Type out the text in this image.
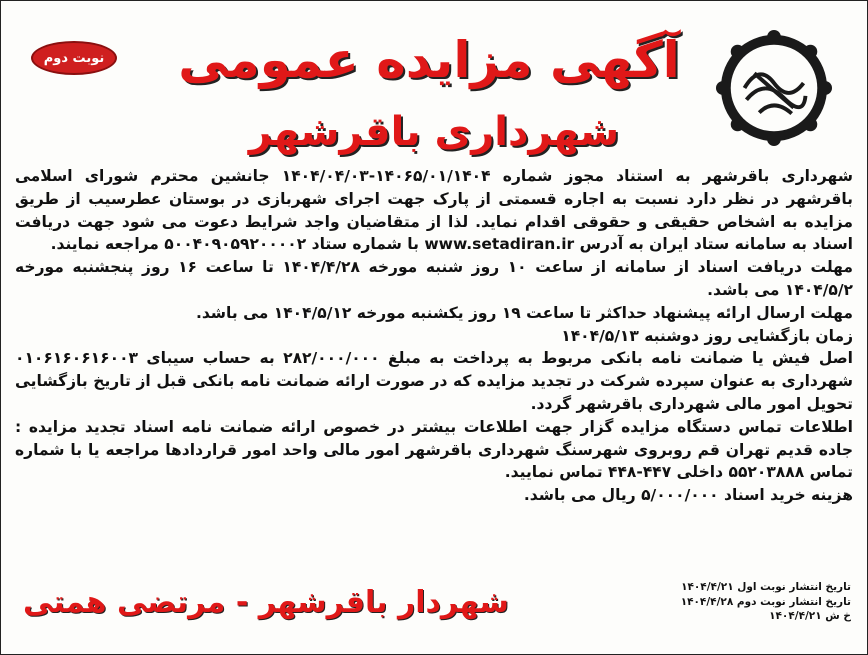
نوبت دوم	آگهی مزایده عمومی
شهرداری باقرشهر

شهرداری باقرشهر به استناد مجوز شماره ۱۴۰۶۵/۰۱/۱۴۰۴-۱۴۰۴/۰۴/۰۳ جانشین محترم شورای اسلامی باقرشهر در نظر دارد نسبت به اجاره قسمتی از پارک جهت اجرای شهربازی در بوستان عطرسیب از طریق مزایده به اشخاص حقیقی و حقوقی اقدام نماید. لذا از متقاضیان واجد شرایط دعوت می شود جهت دریافت اسناد به سامانه ستاد ایران به آدرس www.setadiran.ir با شماره ستاد ۵۰۰۴۰۹۰۵۹۲۰۰۰۰۲ مراجعه نمایند.

مهلت دریافت اسناد از سامانه از ساعت ۱۰ روز شنبه مورخه ۱۴۰۴/۴/۲۸ تا ساعت ۱۶ روز پنجشنبه مورخه ۱۴۰۴/۵/۲ می باشد.

مهلت ارسال ارائه پیشنهاد حداکثر تا ساعت ۱۹ روز یکشنبه مورخه ۱۴۰۴/۵/۱۲ می باشد.

زمان بازگشایی روز دوشنبه ۱۴۰۴/۵/۱۳

اصل فیش یا ضمانت نامه بانکی مربوط به پرداخت به مبلغ ۲۸۲/۰۰۰/۰۰۰ به حساب سیبای ۰۱۰۶۱۶۰۶۱۶۰۰۳ شهرداری به عنوان سپرده شرکت در تجدید مزایده که در صورت ارائه ضمانت نامه بانکی قبل از تاریخ بازگشایی تحویل امور مالی شهرداری باقرشهر گردد.

اطلاعات تماس دستگاه مزایده گزار جهت اطلاعات بیشتر در خصوص ارائه ضمانت نامه اسناد تجدید مزایده : جاده قدیم تهران قم روبروی شهرسنگ شهرداری باقرشهر امور مالی واحد امور قراردادها مراجعه یا با شماره تماس ۵۵۲۰۳۸۸۸ داخلی ۴۴۷-۴۴۸ تماس نمایید.

هزینه خرید اسناد ۵/۰۰۰/۰۰۰ ریال می باشد.

تاریخ انتشار نوبت اول ۱۴۰۴/۴/۲۱
تاریخ انتشار نوبت دوم ۱۴۰۴/۴/۲۸
خ ش ۱۴۰۴/۴/۲۱
شهردار باقرشهر - مرتضی همتی
